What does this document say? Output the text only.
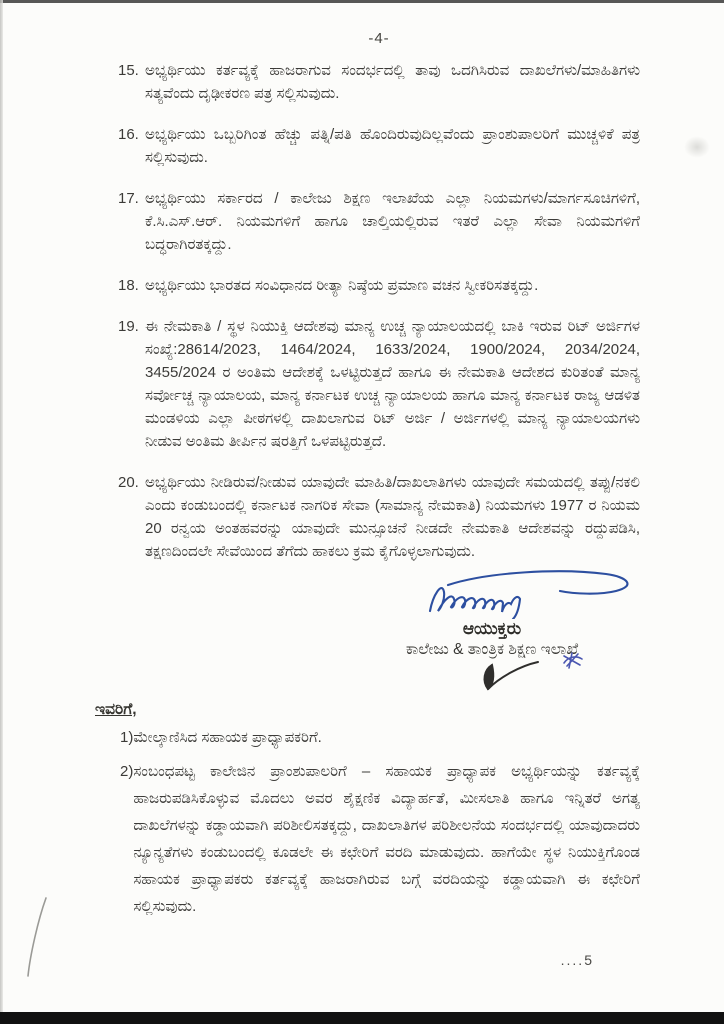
-4-
15. ಅಭ್ಯರ್ಥಿಯು ಕರ್ತವ್ಯಕ್ಕೆ ಹಾಜರಾಗುವ ಸಂದರ್ಭದಲ್ಲಿ ತಾವು ಒದಗಿಸಿರುವ ದಾಖಲೆಗಳು/ಮಾಹಿತಿಗಳು ಸತ್ಯವೆಂದು ದೃಢೀಕರಣ ಪತ್ರ ಸಲ್ಲಿಸುವುದು.
16. ಅಭ್ಯರ್ಥಿಯು ಒಬ್ಬರಿಗಿಂತ ಹೆಚ್ಚು ಪತ್ನಿ/ಪತಿ ಹೊಂದಿರುವುದಿಲ್ಲವೆಂದು ಪ್ರಾಂಶುಪಾಲರಿಗೆ ಮುಚ್ಚಳಿಕೆ ಪತ್ರ ಸಲ್ಲಿಸುವುದು.
17. ಅಭ್ಯರ್ಥಿಯು ಸರ್ಕಾರದ / ಕಾಲೇಜು ಶಿಕ್ಷಣ ಇಲಾಖೆಯ ಎಲ್ಲಾ ನಿಯಮಗಳು/ಮಾರ್ಗಸೂಚಿಗಳಿಗೆ, ಕೆ.ಸಿ.ಎಸ್.ಆರ್. ನಿಯಮಗಳಿಗೆ ಹಾಗೂ ಚಾಲ್ತಿಯಲ್ಲಿರುವ ಇತರೆ ಎಲ್ಲಾ ಸೇವಾ ನಿಯಮಗಳಿಗೆ ಬದ್ಧರಾಗಿರತಕ್ಕದ್ದು.
18. ಅಭ್ಯರ್ಥಿಯು ಭಾರತದ ಸಂವಿಧಾನದ ರೀತ್ಯಾ ನಿಷ್ಠೆಯ ಪ್ರಮಾಣ ವಚನ ಸ್ವೀಕರಿಸತಕ್ಕದ್ದು.
19. ಈ ನೇಮಕಾತಿ / ಸ್ಥಳ ನಿಯುಕ್ತಿ ಆದೇಶವು ಮಾನ್ಯ ಉಚ್ಚ ನ್ಯಾಯಾಲಯದಲ್ಲಿ ಬಾಕಿ ಇರುವ ರಿಟ್ ಅರ್ಜಿಗಳ ಸಂಖ್ಯೆ:28614/2023, 1464/2024, 1633/2024, 1900/2024, 2034/2024, 3455/2024 ರ ಅಂತಿಮ ಆದೇಶಕ್ಕೆ ಒಳಟ್ಟಿರುತ್ತದೆ ಹಾಗೂ ಈ ನೇಮಕಾತಿ ಆದೇಶದ ಕುರಿತಂತೆ ಮಾನ್ಯ ಸರ್ವೋಚ್ಚ ನ್ಯಾಯಾಲಯ, ಮಾನ್ಯ ಕರ್ನಾಟಕ ಉಚ್ಚ ನ್ಯಾಯಾಲಯ ಹಾಗೂ ಮಾನ್ಯ ಕರ್ನಾಟಕ ರಾಜ್ಯ ಆಡಳಿತ ಮಂಡಳಿಯ ಎಲ್ಲಾ ಪೀಠಗಳಲ್ಲಿ ದಾಖಲಾಗುವ ರಿಟ್ ಅರ್ಜಿ / ಅರ್ಜಿಗಳಲ್ಲಿ ಮಾನ್ಯ ನ್ಯಾಯಾಲಯಗಳು ನೀಡುವ ಅಂತಿಮ ತೀರ್ಪಿನ ಷರತ್ತಿಗೆ ಒಳಪಟ್ಟಿರುತ್ತದೆ.
20. ಅಭ್ಯರ್ಥಿಯು ನೀಡಿರುವ/ನೀಡುವ ಯಾವುದೇ ಮಾಹಿತಿ/ದಾಖಲಾತಿಗಳು ಯಾವುದೇ ಸಮಯದಲ್ಲಿ ತಪ್ಪು/ನಕಲಿ ಎಂದು ಕಂಡುಬಂದಲ್ಲಿ ಕರ್ನಾಟಕ ನಾಗರಿಕ ಸೇವಾ (ಸಾಮಾನ್ಯ ನೇಮಕಾತಿ) ನಿಯಮಗಳು 1977 ರ ನಿಯಮ 20 ರನ್ವಯ ಅಂತಹವರನ್ನು ಯಾವುದೇ ಮುನ್ಸೂಚನೆ ನೀಡದೇ ನೇಮಕಾತಿ ಆದೇಶವನ್ನು ರದ್ದುಪಡಿಸಿ, ತಕ್ಷಣದಿಂದಲೇ ಸೇವೆಯಿಂದ ತೆಗೆದು ಹಾಕಲು ಕ್ರಮ ಕೈಗೊಳ್ಳಲಾಗುವುದು.
ಆಯುಕ್ತರು
ಕಾಲೇಜು & ತಾಂತ್ರಿಕ ಶಿಕ್ಷಣ ಇಲಾಖೆ
ಇವರಿಗೆ,
1) ಮೇಲ್ಕಾಣಿಸಿದ ಸಹಾಯಕ ಪ್ರಾಧ್ಯಾಪಕರಿಗೆ.
2) ಸಂಬಂಧಪಟ್ಟ ಕಾಲೇಜಿನ ಪ್ರಾಂಶುಪಾಲರಿಗೆ – ಸಹಾಯಕ ಪ್ರಾಧ್ಯಾಪಕ ಅಭ್ಯರ್ಥಿಯನ್ನು ಕರ್ತವ್ಯಕ್ಕೆ ಹಾಜರುಪಡಿಸಿಕೊಳ್ಳುವ ಮೊದಲು ಅವರ ಶೈಕ್ಷಣಿಕ ವಿದ್ಯಾರ್ಹತೆ, ಮೀಸಲಾತಿ ಹಾಗೂ ಇನ್ನಿತರೆ ಅಗತ್ಯ ದಾಖಲೆಗಳನ್ನು ಕಡ್ಡಾಯವಾಗಿ ಪರಿಶೀಲಿಸತಕ್ಕದ್ದು, ದಾಖಲಾತಿಗಳ ಪರಿಶೀಲನೆಯ ಸಂದರ್ಭದಲ್ಲಿ ಯಾವುದಾದರು ನ್ಯೂನ್ಯತೆಗಳು ಕಂಡುಬಂದಲ್ಲಿ ಕೂಡಲೇ ಈ ಕಛೇರಿಗೆ ವರದಿ ಮಾಡುವುದು. ಹಾಗೆಯೇ ಸ್ಥಳ ನಿಯುಕ್ತಿಗೊಂಡ ಸಹಾಯಕ ಪ್ರಾಧ್ಯಾಪಕರು ಕರ್ತವ್ಯಕ್ಕೆ ಹಾಜರಾಗಿರುವ ಬಗ್ಗೆ ವರದಿಯನ್ನು ಕಡ್ಡಾಯವಾಗಿ ಈ ಕಛೇರಿಗೆ ಸಲ್ಲಿಸುವುದು.
....5
